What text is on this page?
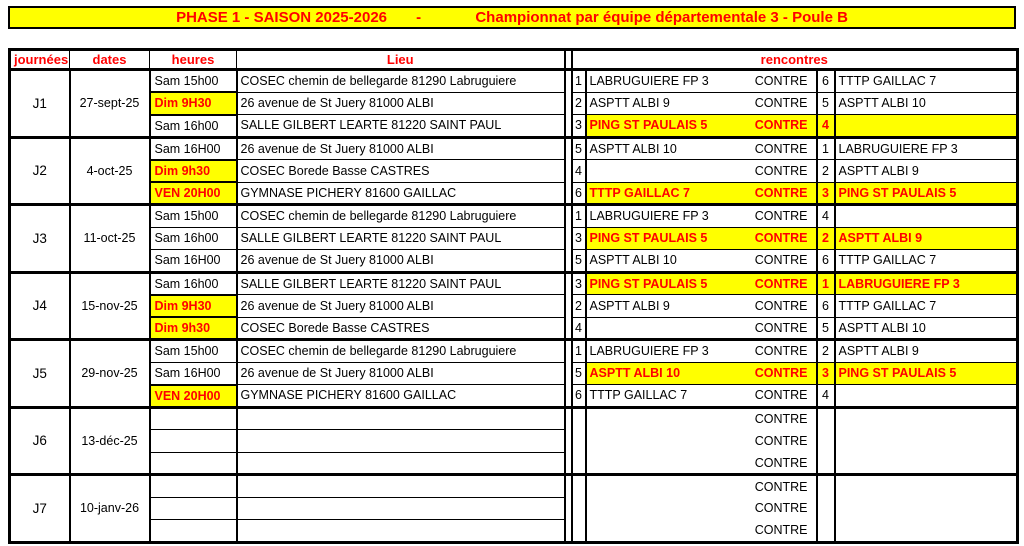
PHASE 1 - SAISON 2025-2026       -             Championnat par équipe départementale 3 - Poule B
journées	dates	heures	Lieu		rencontres			
J1	27-sept-25	Sam 15h00	COSEC chemin de bellegarde 81290 Labruguiere		1	LABRUGUIERE FP 3 CONTRE	6	TTTP GAILLAC 7
		Dim 9H30	26 avenue de St Juery 81000 ALBI		2	ASPTT ALBI 9 CONTRE	5	ASPTT ALBI 10
		Sam 16h00	SALLE GILBERT LEARTE 81220 SAINT PAUL		3	PING ST PAULAIS 5 CONTRE	4	
J2	4-oct-25	Sam 16H00	26 avenue de St Juery 81000 ALBI		5	ASPTT ALBI 10 CONTRE	1	LABRUGUIERE FP 3
		Dim 9h30	COSEC Borede Basse CASTRES		4	CONTRE	2	ASPTT ALBI 9
		VEN 20H00	GYMNASE PICHERY 81600 GAILLAC		6	TTTP GAILLAC 7 CONTRE	3	PING ST PAULAIS 5
J3	11-oct-25	Sam 15h00	COSEC chemin de bellegarde 81290 Labruguiere		1	LABRUGUIERE FP 3 CONTRE	4	
		Sam 16h00	SALLE GILBERT LEARTE 81220 SAINT PAUL		3	PING ST PAULAIS 5 CONTRE	2	ASPTT ALBI 9
		Sam 16H00	26 avenue de St Juery 81000 ALBI		5	ASPTT ALBI 10 CONTRE	6	TTTP GAILLAC 7
J4	15-nov-25	Sam 16h00	SALLE GILBERT LEARTE 81220 SAINT PAUL		3	PING ST PAULAIS 5 CONTRE	1	LABRUGUIERE FP 3
		Dim 9H30	26 avenue de St Juery 81000 ALBI		2	ASPTT ALBI 9 CONTRE	6	TTTP GAILLAC 7
		Dim 9h30	COSEC Borede Basse CASTRES		4	CONTRE	5	ASPTT ALBI 10
J5	29-nov-25	Sam 15h00	COSEC chemin de bellegarde 81290 Labruguiere		1	LABRUGUIERE FP 3 CONTRE	2	ASPTT ALBI 9
		Sam 16H00	26 avenue de St Juery 81000 ALBI		5	ASPTT ALBI 10 CONTRE	3	PING ST PAULAIS 5
		VEN 20H00	GYMNASE PICHERY 81600 GAILLAC		6	TTTP GAILLAC 7 CONTRE	4	
J6	13-déc-25					CONTRE		

						CONTRE		

						CONTRE		

J7	10-janv-26					CONTRE		

						CONTRE		

						CONTRE		
